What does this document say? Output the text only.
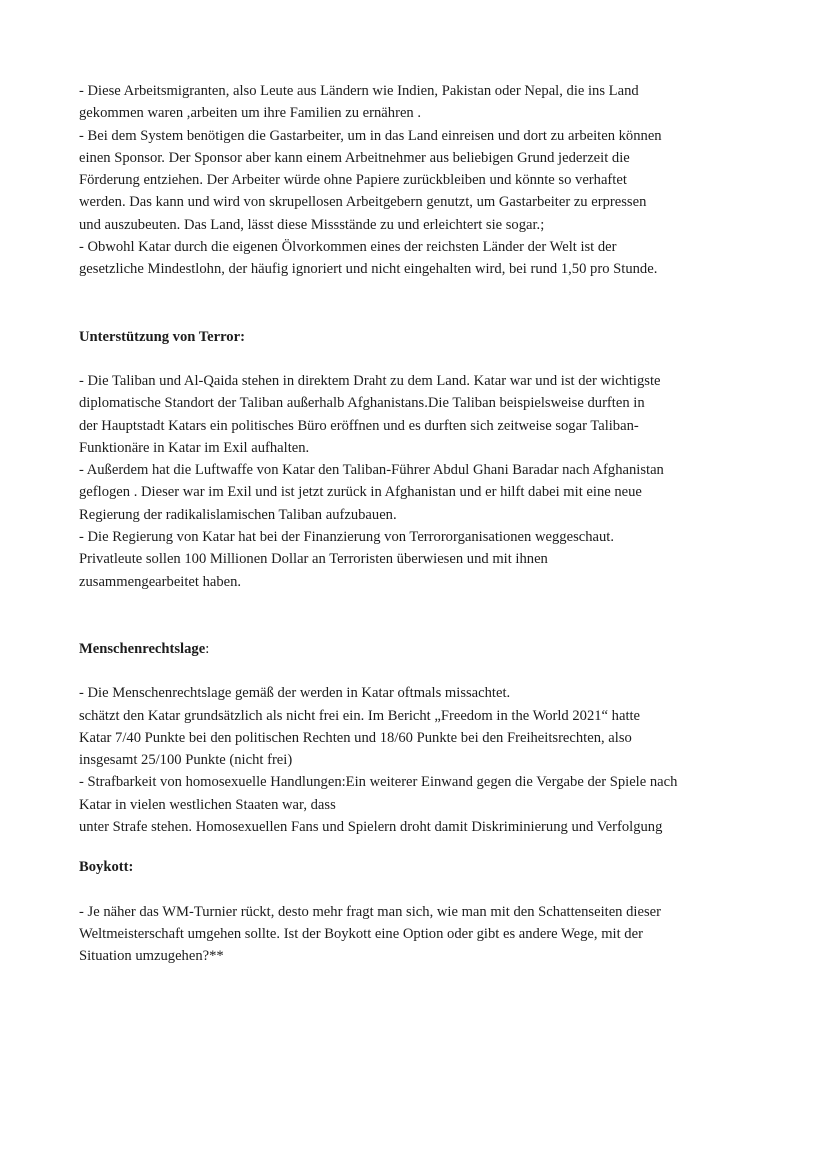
- Diese Arbeitsmigranten, also Leute aus Ländern wie Indien, Pakistan oder Nepal, die ins Land
gekommen waren ,arbeiten um ihre Familien zu ernähren .

- Bei dem System benötigen die Gastarbeiter, um in das Land einreisen und dort zu arbeiten können
einen Sponsor. Der Sponsor aber kann einem Arbeitnehmer aus beliebigen Grund jederzeit die
Förderung entziehen. Der Arbeiter würde ohne Papiere zurückbleiben und könnte so verhaftet
werden. Das kann und wird von skrupellosen Arbeitgebern genutzt, um Gastarbeiter zu erpressen
und auszubeuten. Das Land, lässt diese Missstände zu und erleichtert sie sogar.;

- Obwohl Katar durch die eigenen Ölvorkommen eines der reichsten Länder der Welt ist der
gesetzliche Mindestlohn, der häufig ignoriert und nicht eingehalten wird, bei rund 1,50 pro Stunde.

Unterstützung von Terror:

- Die Taliban und Al-Qaida stehen in direktem Draht zu dem Land. Katar war und ist der wichtigste
diplomatische Standort der Taliban außerhalb Afghanistans.Die Taliban beispielsweise durften in
der Hauptstadt Katars ein politisches Büro eröffnen und es durften sich zeitweise sogar Taliban-
Funktionäre in Katar im Exil aufhalten.

- Außerdem hat die Luftwaffe von Katar den Taliban-Führer Abdul Ghani Baradar nach Afghanistan
geflogen . Dieser war im Exil und ist jetzt zurück in Afghanistan und er hilft dabei mit eine neue
Regierung der radikalislamischen Taliban aufzubauen.

- Die Regierung von Katar hat bei der Finanzierung von Terrororganisationen weggeschaut.
Privatleute sollen 100 Millionen Dollar an Terroristen überwiesen und mit ihnen
zusammengearbeitet haben.

Menschenrechtslage:

- Die Menschenrechtslage gemäß der werden in Katar oftmals missachtet.
schätzt den Katar grundsätzlich als nicht frei ein. Im Bericht „Freedom in the World 2021“ hatte
Katar 7/40 Punkte bei den politischen Rechten und 18/60 Punkte bei den Freiheitsrechten, also
insgesamt 25/100 Punkte (nicht frei)

- Strafbarkeit von homosexuelle Handlungen:Ein weiterer Einwand gegen die Vergabe der Spiele nach
Katar in vielen westlichen Staaten war, dass
unter Strafe stehen. Homosexuellen Fans und Spielern droht damit Diskriminierung und Verfolgung

Boykott:

- Je näher das WM-Turnier rückt, desto mehr fragt man sich, wie man mit den Schattenseiten dieser
Weltmeisterschaft umgehen sollte. Ist der Boykott eine Option oder gibt es andere Wege, mit der
Situation umzugehen?**
